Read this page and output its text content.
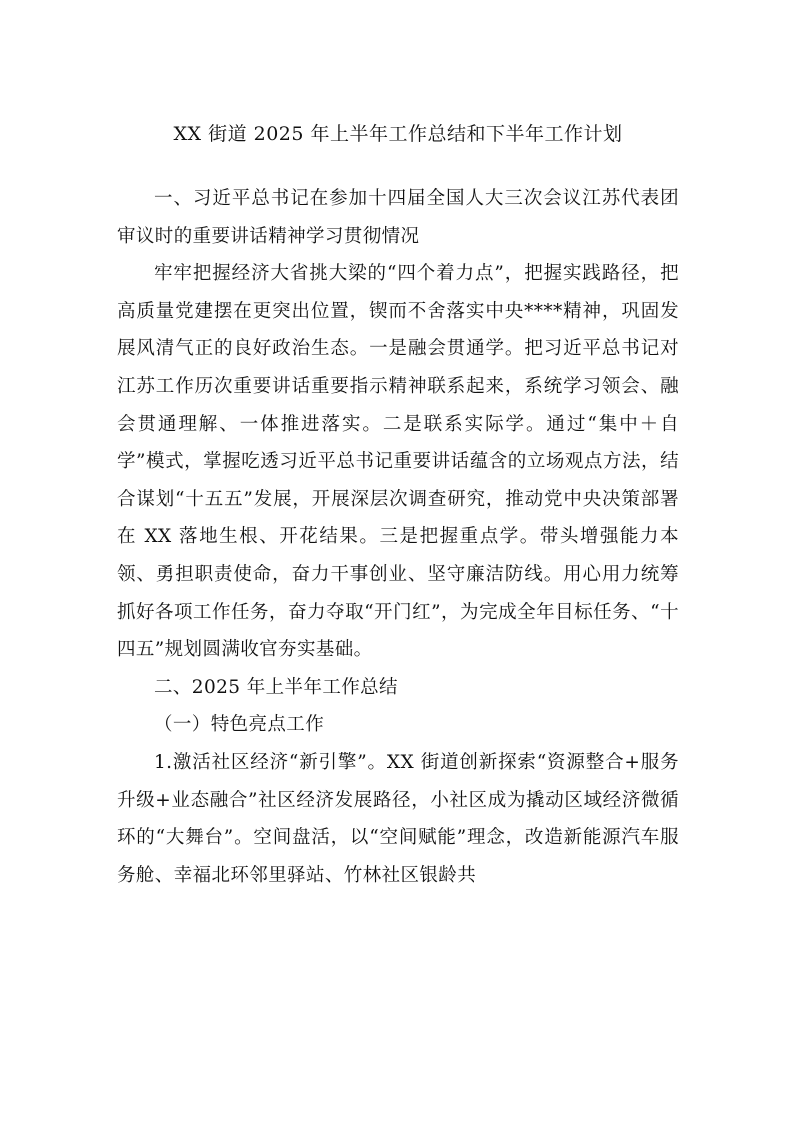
XX 街道 2025 年上半年工作总结和下半年工作计划

一、习近平总书记在参加十四届全国人大三次会议江苏代表团审议时的重要讲话精神学习贯彻情况

牢牢把握经济大省挑大梁的“四个着力点”，把握实践路径，把高质量党建摆在更突出位置，锲而不舍落实中央****精神，巩固发展风清气正的良好政治生态。一是融会贯通学。把习近平总书记对江苏工作历次重要讲话重要指示精神联系起来，系统学习领会、融会贯通理解、一体推进落实。二是联系实际学。通过“集中＋自学”模式，掌握吃透习近平总书记重要讲话蕴含的立场观点方法，结合谋划“十五五”发展，开展深层次调查研究，推动党中央决策部署在 XX 落地生根、开花结果。三是把握重点学。带头增强能力本领、勇担职责使命，奋力干事创业、坚守廉洁防线。用心用力统筹抓好各项工作任务，奋力夺取“开门红”，为完成全年目标任务、“十四五”规划圆满收官夯实基础。

二、2025 年上半年工作总结

（一）特色亮点工作

1.激活社区经济“新引擎”。XX 街道创新探索“资源整合+服务升级+业态融合”社区经济发展路径，小社区成为撬动区域经济微循环的“大舞台”。空间盘活，以“空间赋能”理念，改造新能源汽车服务舱、幸福北环邻里驿站、竹林社区银龄共
